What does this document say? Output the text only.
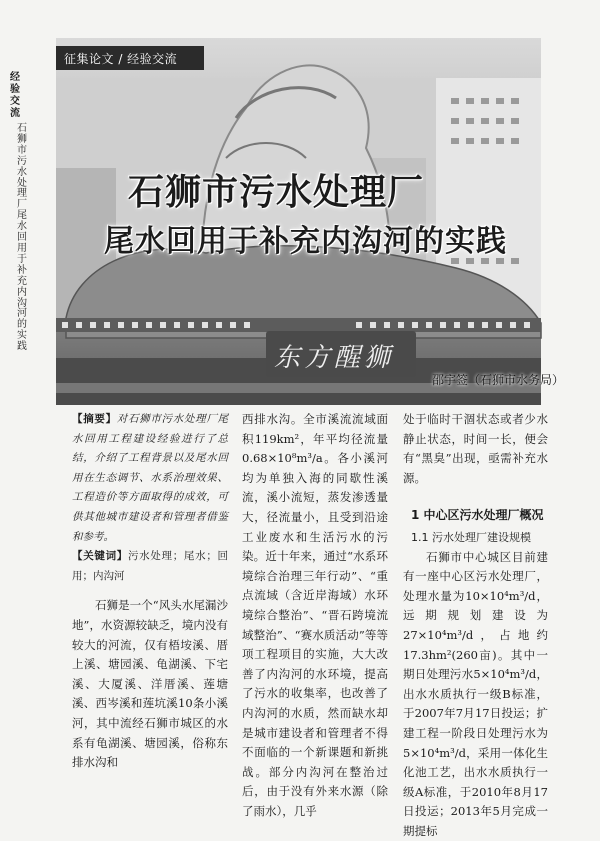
经验交流
石狮市污水处理厂尾水回用于补充内沟河的实践
征集论文 / 经验交流
石狮市污水处理厂
尾水回用于补充内沟河的实践
东方醒狮
邵宇签（石狮市水务局）

【摘要】对石狮市污水处理厂尾水回用工程建设经验进行了总结，介绍了工程背景以及尾水回用在生态调节、水系治理效果、工程造价等方面取得的成效，可供其他城市建设者和管理者借鉴和参考。

【关键词】污水处理；尾水；回用；内沟河

石狮是一个“风头水尾漏沙地”，水资源较缺乏，境内没有较大的河流，仅有梧垵溪、厝上溪、塘园溪、龟湖溪、下宅溪、大厦溪、洋厝溪、莲塘溪、西岑溪和莲坑溪10条小溪河，其中流经石狮市城区的水系有龟湖溪、塘园溪，俗称东排水沟和

西排水沟。全市溪流流域面积119km²，年平均径流量0.68×10⁸m³/a。各小溪河均为单独入海的同歇性溪流，溪小流短，蒸发渗透量大，径流量小，且受到沿途工业废水和生活污水的污染。近十年来，通过“水系环境综合治理三年行动”、“重点流域（含近岸海域）水环境综合整治”、“晋石跨境流域整治”、“赛水质活动”等等项工程项目的实施，大大改善了内沟河的水环境，提高了污水的收集率，也改善了内沟河的水质，然而缺水却是城市建设者和管理者不得不面临的一个新课题和新挑战。部分内沟河在整治过后，由于没有外来水源（除了雨水），几乎

处于临时干涸状态或者少水静止状态，时间一长，便会有“黑臭”出现，亟需补充水源。

1 中心区污水处理厂概况

1.1 污水处理厂建设规模

石狮市中心城区目前建有一座中心区污水处理厂，处理水量为10×10⁴m³/d，远期规划建设为27×10⁴m³/d，占地约17.3hm²(260亩)。其中一期日处理污水5×10⁴m³/d，出水水质执行一级B标准，于2007年7月17日投运；扩建工程一阶段日处理污水为5×10⁴m³/d，采用一体化生化池工艺，出水水质执行一级A标准，于2010年8月17日投运；2013年5月完成一期提标
